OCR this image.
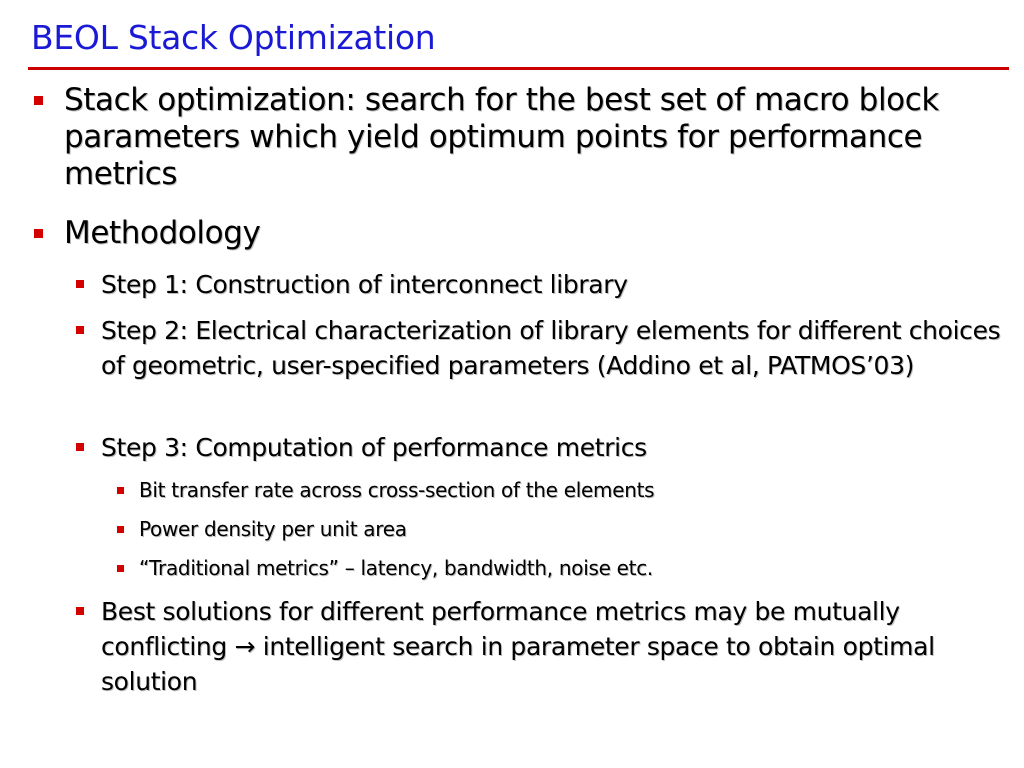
BEOL Stack Optimization
Stack optimization: search for the best set of macro block parameters which yield optimum points for performance metrics
Methodology
Step 1: Construction of interconnect library
Step 2: Electrical characterization of library elements for different choices of geometric, user-specified parameters (Addino et al, PATMOS’03)
Step 3: Computation of performance metrics
Bit transfer rate across cross-section of the elements
Power density per unit area
“Traditional metrics” – latency, bandwidth, noise etc.
Best solutions for different performance metrics may be mutually conflicting → intelligent search in parameter space to obtain optimal solution
